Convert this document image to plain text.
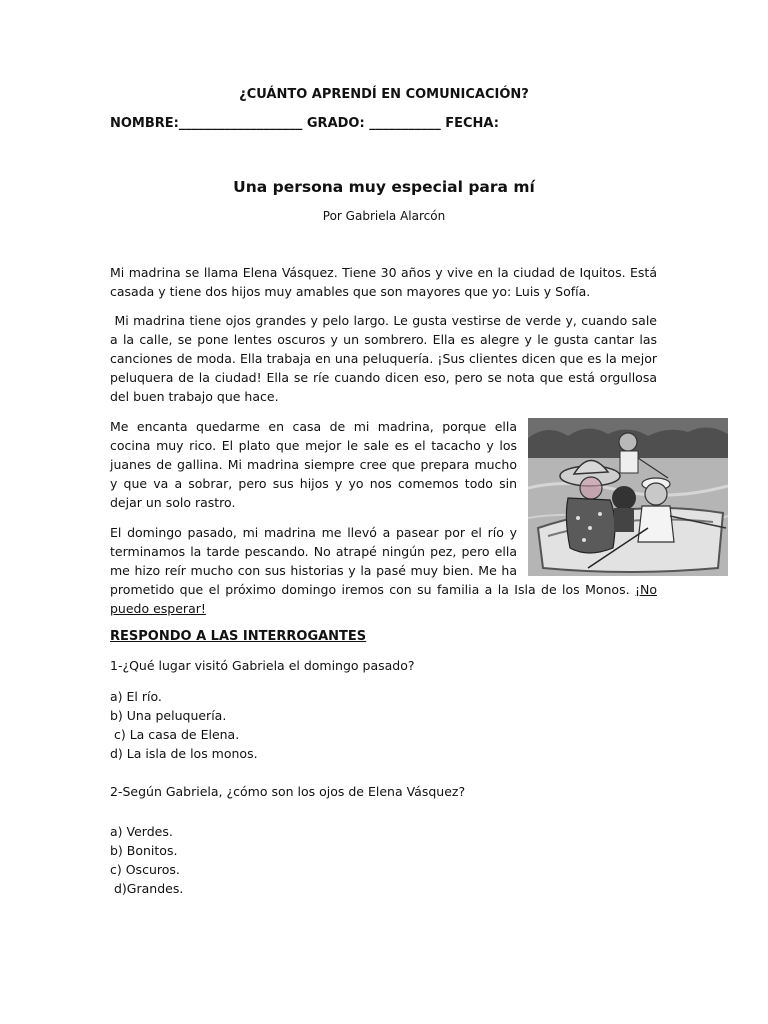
¿CUÁNTO APRENDÍ EN COMUNICACIÓN?
NOMBRE:___________________ GRADO: ___________ FECHA:
Una persona muy especial para mí
Por Gabriela Alarcón
Mi madrina se llama Elena Vásquez. Tiene 30 años y vive en la ciudad de Iquitos. Está casada y tiene dos hijos muy amables que son mayores que yo: Luis y Sofía.
Mi madrina tiene ojos grandes y pelo largo. Le gusta vestirse de verde y, cuando sale a la calle, se pone lentes oscuros y un sombrero. Ella es alegre y le gusta cantar las canciones de moda. Ella trabaja en una peluquería. ¡Sus clientes dicen que es la mejor peluquera de la ciudad! Ella se ríe cuando dicen eso, pero se nota que está orgullosa del buen trabajo que hace.
Me encanta quedarme en casa de mi madrina, porque ella cocina muy rico. El plato que mejor le sale es el tacacho y los juanes de gallina. Mi madrina siempre cree que prepara mucho y que va a sobrar, pero sus hijos y yo nos comemos todo sin dejar un solo rastro.
El domingo pasado, mi madrina me llevó a pasear por el río y terminamos la tarde pescando. No atrapé ningún pez, pero ella me hizo reír mucho con sus historias y la pasé muy bien. Me ha prometido que el próximo domingo iremos con su familia a la Isla de los Monos. ¡No puedo esperar!
RESPONDO A LAS INTERROGANTES
1-¿Qué lugar visitó Gabriela el domingo pasado?
a) El río.
b) Una peluquería.
c) La casa de Elena.
d) La isla de los monos.
2-Según Gabriela, ¿cómo son los ojos de Elena Vásquez?
a) Verdes.
b) Bonitos.
c) Oscuros.
d)Grandes.
